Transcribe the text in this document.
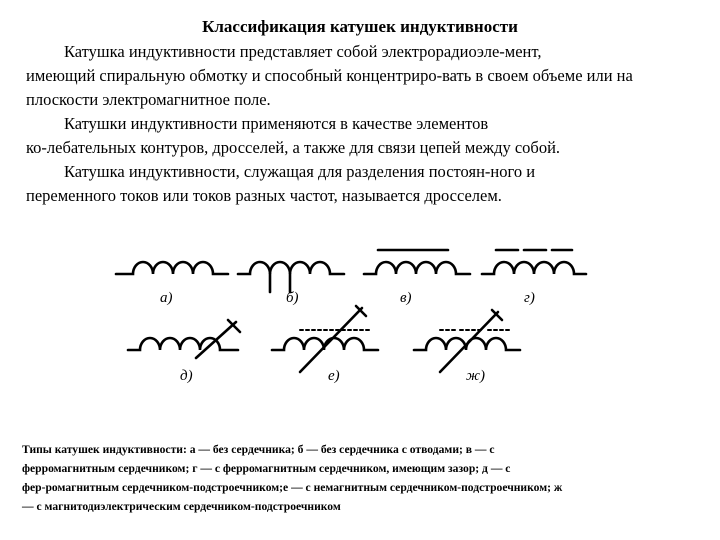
Классификация катушек индуктивности

Катушка индуктивности представляет собой электрорадиоэле-мент,
имеющий спиральную обмотку и способный концентриро-вать в своем объеме или на плоскости электромагнитное поле.

Катушки индуктивности применяются в качестве элементов
ко-лебательных контуров, дросселей, а также для связи цепей между собой.

Катушка индуктивности, служащая для разделения постоян-ного и
переменного токов или токов разных частот, называется дросселем.

а)	б)	в)	г)
д)	е)	ж)

Типы катушек индуктивности: а — без сердечника; б — без сердечника с отводами; в — с

ферромагнитным сердечником; г — с ферромагнитным сердечником, имеющим зазор; д — с

фер-ромагнитным сердечником-подстроечником;е — с немагнитным сердечником-подстроечником; ж

— с магнитодиэлектрическим сердечником-подстроечником
